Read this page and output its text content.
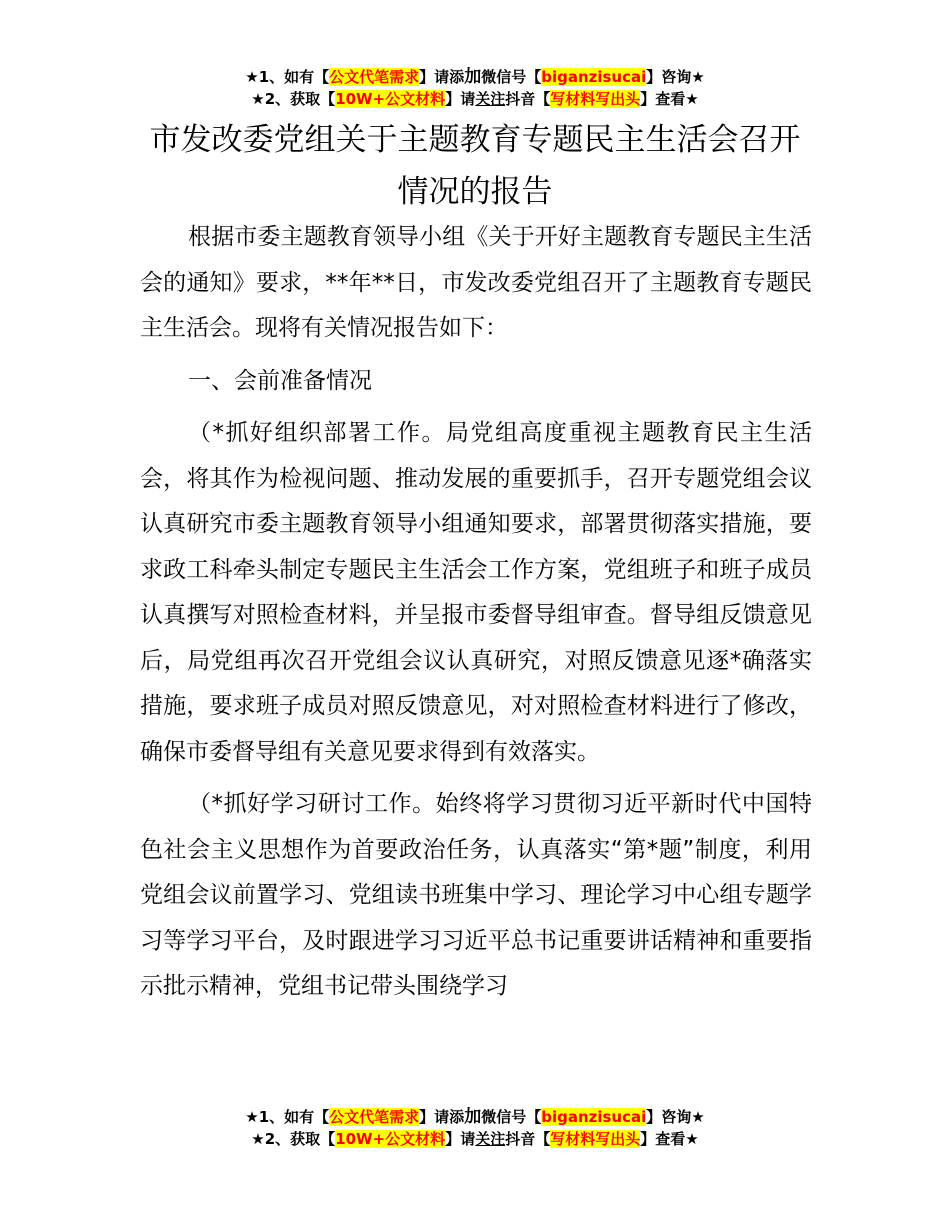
★1、如有【公文代笔需求】请添加微信号【biganzisucai】咨询★
★2、获取【10W+公文材料】请关注抖音【写材料写出头】查看★
市发改委党组关于主题教育专题民主生活会召开情况的报告

根据市委主题教育领导小组《关于开好主题教育专题民主生活会的通知》要求，**年**日，市发改委党组召开了主题教育专题民主生活会。现将有关情况报告如下：

一、会前准备情况

（*抓好组织部署工作。局党组高度重视主题教育民主生活会，将其作为检视问题、推动发展的重要抓手，召开专题党组会议认真研究市委主题教育领导小组通知要求，部署贯彻落实措施，要求政工科牵头制定专题民主生活会工作方案，党组班子和班子成员认真撰写对照检查材料，并呈报市委督导组审查。督导组反馈意见后，局党组再次召开党组会议认真研究，对照反馈意见逐*确落实措施，要求班子成员对照反馈意见，对对照检查材料进行了修改，确保市委督导组有关意见要求得到有效落实。

（*抓好学习研讨工作。始终将学习贯彻习近平新时代中国特色社会主义思想作为首要政治任务，认真落实“第*题”制度，利用党组会议前置学习、党组读书班集中学习、理论学习中心组专题学习等学习平台，及时跟进学习习近平总书记重要讲话精神和重要指示批示精神，党组书记带头围绕学习

★1、如有【公文代笔需求】请添加微信号【biganzisucai】咨询★
★2、获取【10W+公文材料】请关注抖音【写材料写出头】查看★
